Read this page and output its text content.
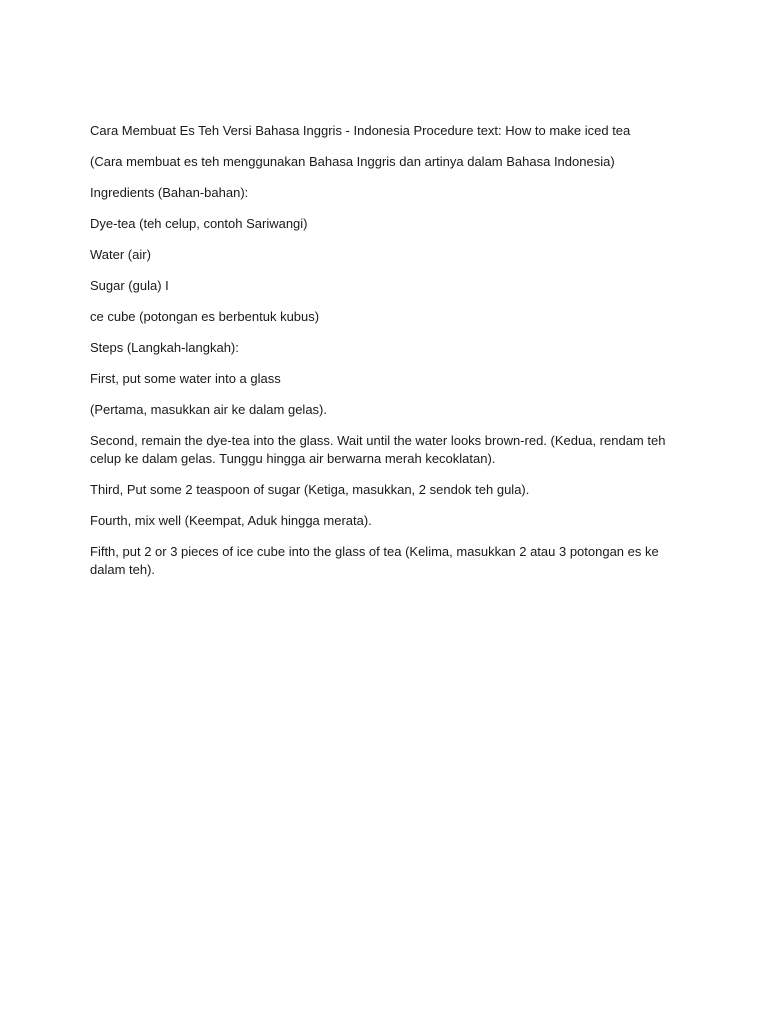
Cara Membuat Es Teh Versi Bahasa Inggris - Indonesia Procedure text: How to make iced tea

(Cara membuat es teh menggunakan Bahasa Inggris dan artinya dalam Bahasa Indonesia)

Ingredients (Bahan-bahan):

Dye-tea (teh celup, contoh Sariwangi)

Water (air)

Sugar (gula) I

ce cube (potongan es berbentuk kubus)

Steps (Langkah-langkah):

First, put some water into a glass

(Pertama, masukkan air ke dalam gelas).

Second, remain the dye-tea into the glass. Wait until the water looks brown-red. (Kedua, rendam teh celup ke dalam gelas. Tunggu hingga air berwarna merah kecoklatan).

Third, Put some 2 teaspoon of sugar (Ketiga, masukkan, 2 sendok teh gula).

Fourth, mix well (Keempat, Aduk hingga merata).

Fifth, put 2 or 3 pieces of ice cube into the glass of tea (Kelima, masukkan 2 atau 3 potongan es ke dalam teh).
